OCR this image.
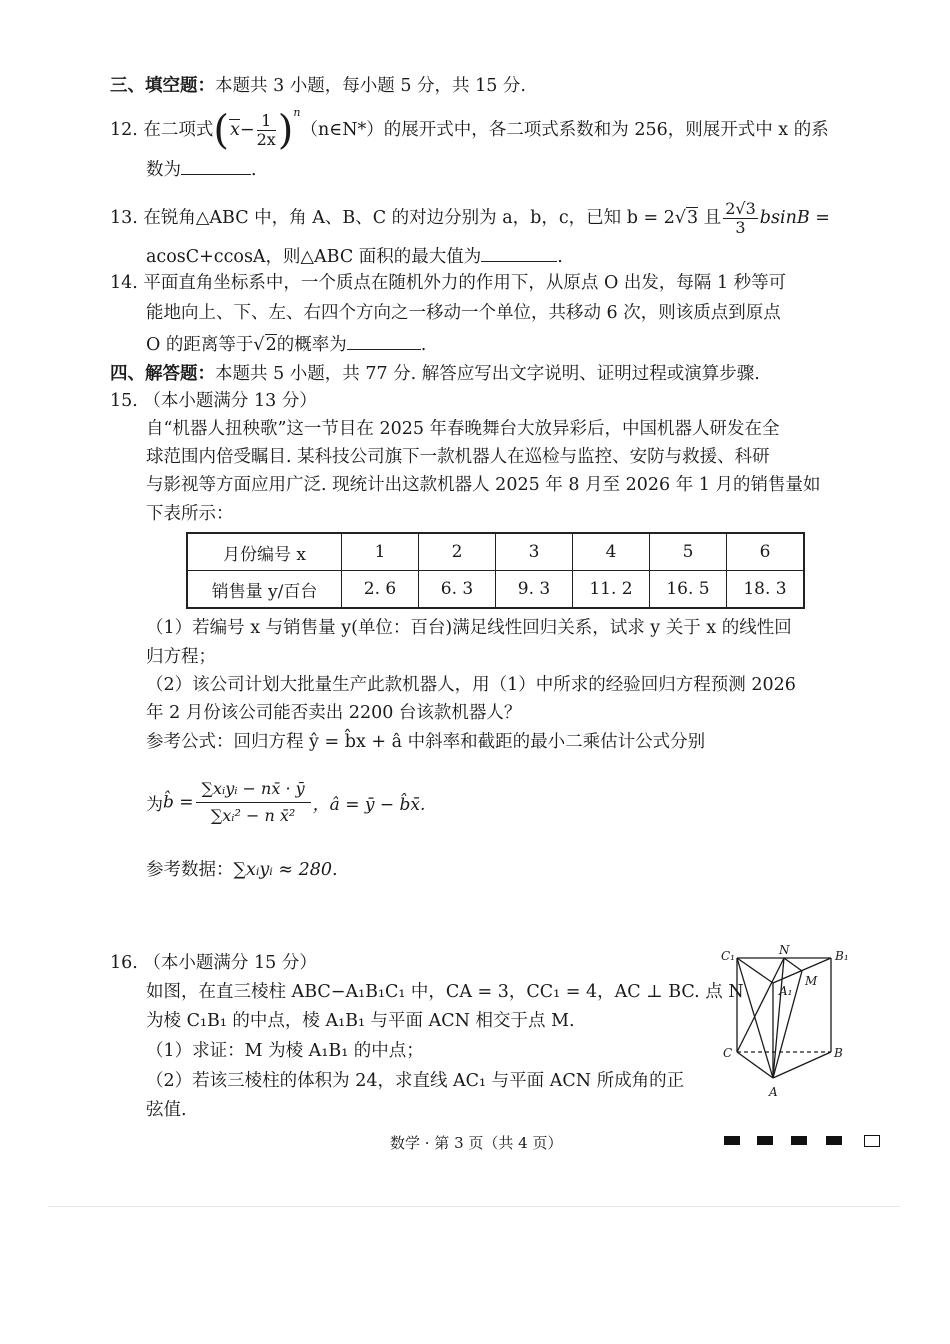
三、填空题：本题共 3 小题，每小题 5 分，共 15 分.
12. 在二项式($x- \frac{1}{2x}$ )$^n(n\in N*)$的展开式中，各二项式系数和为 256，则展开式中 x 的系
数为	.
13. 在锐角△ABC 中，角 A、B、C 的对边分别为 a，b，c，已知 b = 2√3 且 $\frac{2√3}{3}$ bsinB =
acosC+ccosA，则△ABC 面积的最大值为	.
14. 平面直角坐标系中，一个质点在随机外力的作用下，从原点 O 出发，每隔 1 秒等可
能地向上、下、左、右四个方向之一移动一个单位，共移动 6 次，则该质点到原点
O 的距离等于√2的概率为	.
四、解答题：本题共 5 小题，共 77 分. 解答应写出文字说明、证明过程或演算步骤.
15. （本小题满分 13 分）
自“机器人扭秧歌”这一节目在 2025 年春晚舞台大放异彩后，中国机器人研发在全
球范围内倍受瞩目. 某科技公司旗下一款机器人在巡检与监控、安防与救援、科研
与影视等方面应用广泛. 现统计出这款机器人 2025 年 8 月至 2026 年 1 月的销售量如
下表所示：
月份编号 x	1	2	3	4	5	6
销售量 y/百台	2. 6	6. 3	9. 3	11. 2	16. 5	18. 3
（1）若编号 x 与销售量 y(单位：百台)满足线性回归关系，试求 y 关于 x 的线性回
归方程；
（2）该公司计划大批量生产此款机器人，用（1）中所求的经验回归方程预测 2026
年 2 月份该公司能否卖出 2200 台该款机器人？
参考公式：回归方程 ŷ = b̂x + â 中斜率和截距的最小二乘估计公式分别
为b̂ = $\frac{\text{∑xᵢyᵢ − nx̄ · ȳ}}{\text{∑xᵢ² − n x̄²}}$ ，â = ȳ − b̂x̄.
参考数据：∑xᵢyᵢ ≈ 280.
16. （本小题满分 15 分）
如图，在直三棱柱 ABC−A₁B₁C₁ 中，CA = 3，CC₁ = 4，AC ⊥ BC. 点 N
为棱 C₁B₁ 的中点，棱 A₁B₁ 与平面 ACN 相交于点 M.
（1）求证：M 为棱 A₁B₁ 的中点；
（2）若该三棱柱的体积为 24，求直线 AC₁ 与平面 ACN 所成角的正
弦值.
C₁	N	B₁
M
A₁
C	B
A
数学 · 第 3 页（共 4 页）
